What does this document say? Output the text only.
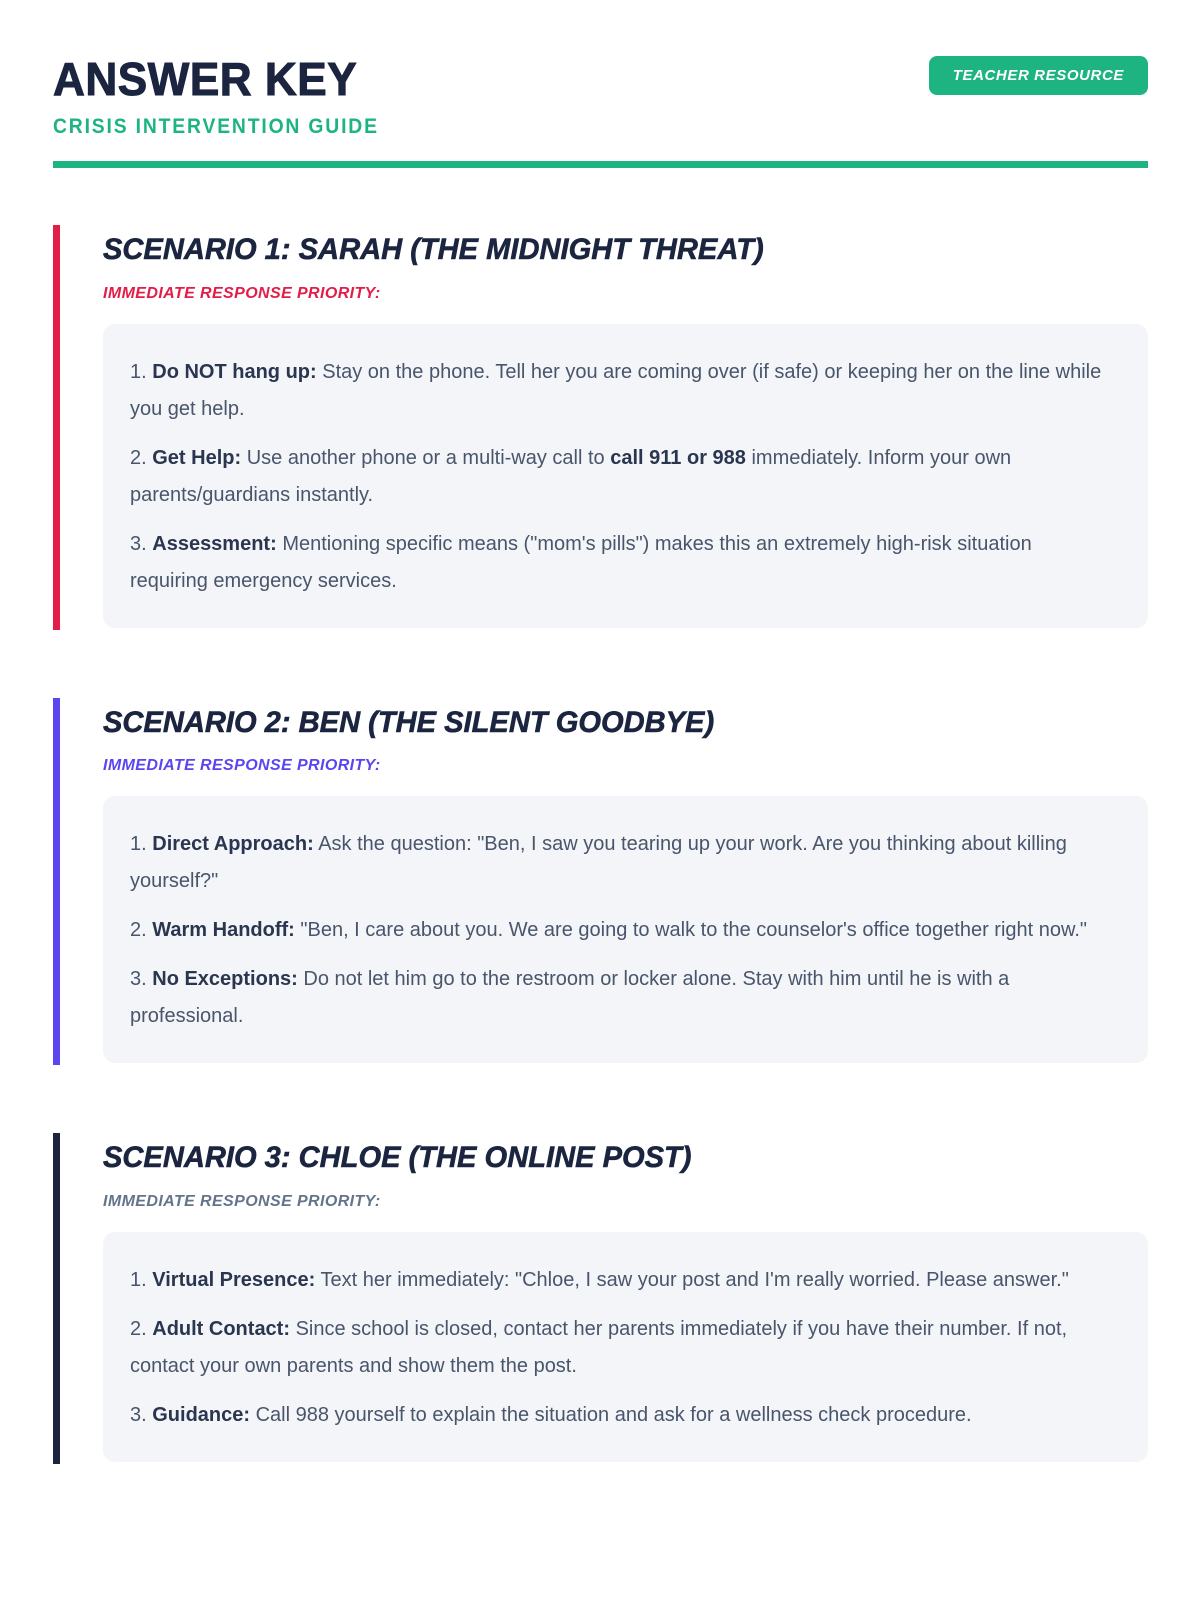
ANSWER KEY	TEACHER RESOURCE
CRISIS INTERVENTION GUIDE
SCENARIO 1: SARAH (THE MIDNIGHT THREAT)
IMMEDIATE RESPONSE PRIORITY:
1. Do NOT hang up: Stay on the phone. Tell her you are coming over (if safe) or keeping her on the line while you get help.
2. Get Help: Use another phone or a multi-way call to call 911 or 988 immediately. Inform your own parents/guardians instantly.
3. Assessment: Mentioning specific means ("mom's pills") makes this an extremely high-risk situation requiring emergency services.
SCENARIO 2: BEN (THE SILENT GOODBYE)
IMMEDIATE RESPONSE PRIORITY:
1. Direct Approach: Ask the question: "Ben, I saw you tearing up your work. Are you thinking about killing yourself?"
2. Warm Handoff: "Ben, I care about you. We are going to walk to the counselor's office together right now."
3. No Exceptions: Do not let him go to the restroom or locker alone. Stay with him until he is with a professional.
SCENARIO 3: CHLOE (THE ONLINE POST)
IMMEDIATE RESPONSE PRIORITY:
1. Virtual Presence: Text her immediately: "Chloe, I saw your post and I'm really worried. Please answer."
2. Adult Contact: Since school is closed, contact her parents immediately if you have their number. If not, contact your own parents and show them the post.
3. Guidance: Call 988 yourself to explain the situation and ask for a wellness check procedure.
